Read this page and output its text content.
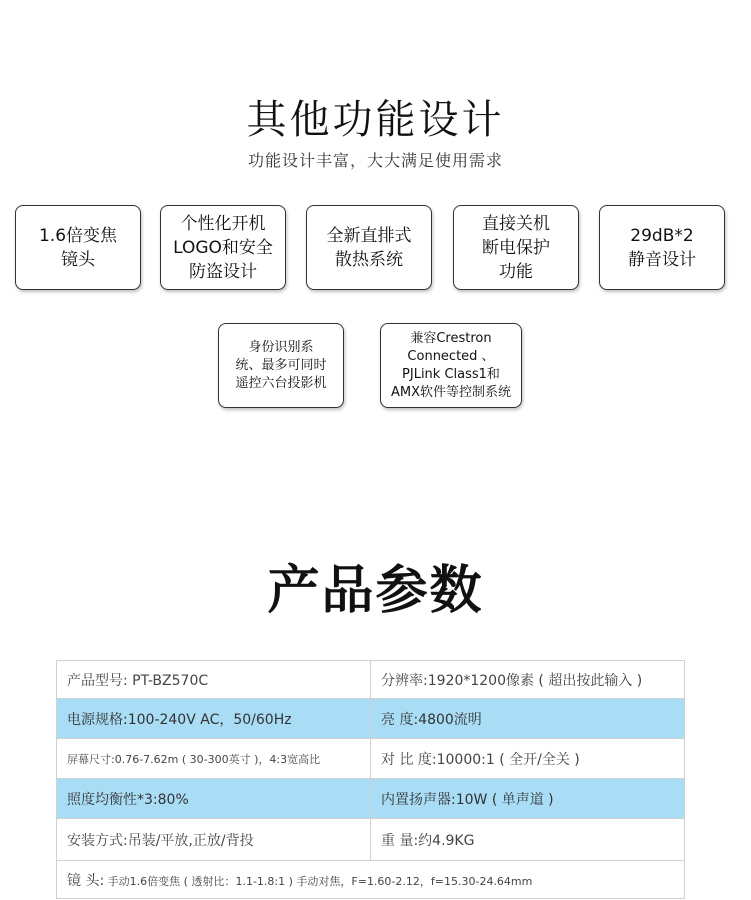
其他功能设计
功能设计丰富，大大满足使用需求
1.6倍变焦
镜头
个性化开机
LOGO和安全
防盗设计
全新直排式
散热系统
直接关机
断电保护
功能
29dB*2
静音设计
身份识别系
统、最多可同时
遥控六台投影机
兼容Crestron
Connected 、
PJLink Class1和
AMX软件等控制系统
产品参数
产品型号: PT-BZ570C	分辨率:1920*1200像素 ( 超出按此输入 )
电源规格:100-240V AC，50/60Hz	亮 度:4800流明
屏幕尺寸:0.76-7.62m ( 30-300英寸 )，4:3宽高比	对 比 度:10000:1 ( 全开/全关 )
照度均衡性*3:80%	内置扬声器:10W ( 单声道 )
安装方式:吊装/平放,正放/背投	重 量:约4.9KG
镜 头: 手动1.6倍变焦 ( 透射比：1.1-1.8:1 ) 手动对焦，F=1.60-2.12，f=15.30-24.64mm	
